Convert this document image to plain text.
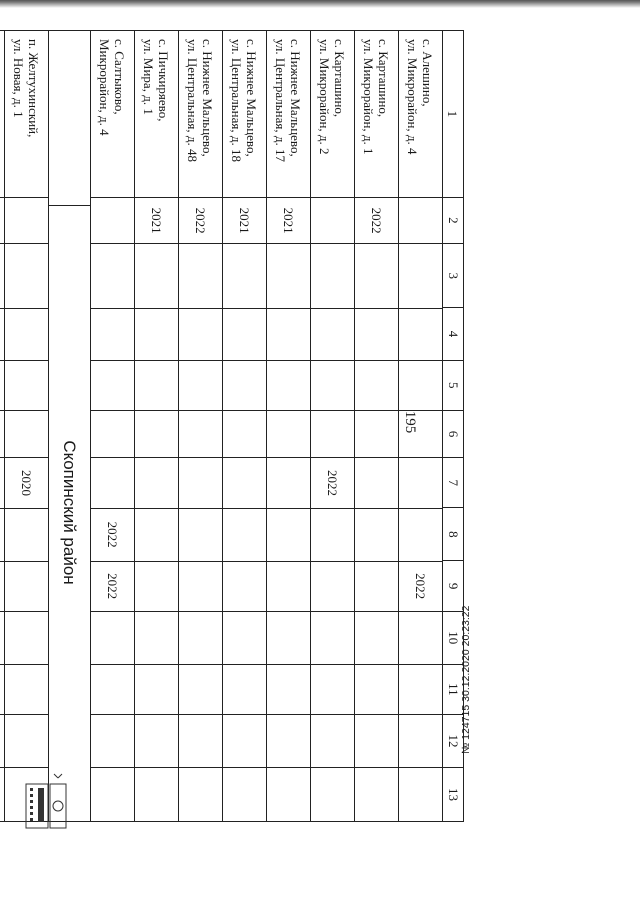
195
1
2
3
4
5
6
7
8
9
10
11
12
13
с. Алешино,
ул. Микрорайон, д. 4
2022
с. Карташино,
ул. Микрорайон, д. 1
2022
с. Карташино,
ул. Микрорайон, д. 2
2022
с. Нижнее Мальцево,
ул. Центральная, д. 17
2021
с. Нижнее Мальцево,
ул. Центральная, д. 18
2021
с. Нижнее Мальцево,
ул. Центральная, д. 48
2022
с. Пичкиряево,
ул. Мира, д. 1
2021
с. Салтыково,
Микрорайон, д. 4
2022
2022
Скопинский район
п. Желтухинский,
ул. Новая, д. 1
2020
№ 124715 30.12.2020 20:23:22
